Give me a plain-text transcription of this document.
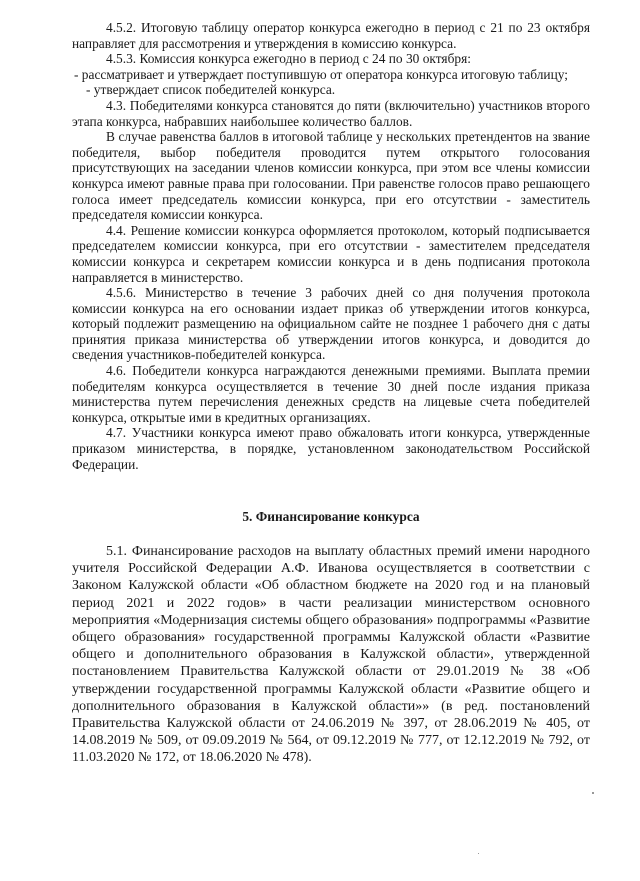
4.5.2. Итоговую таблицу оператор конкурса ежегодно в период с 21 по 23 октября направляет для рассмотрения и утверждения в комиссию конкурса.

4.5.3. Комиссия конкурса ежегодно в период с 24 по 30 октября:

- рассматривает и утверждает поступившую от оператора конкурса итоговую таблицу;

- утверждает список победителей конкурса.

4.3. Победителями конкурса становятся до пяти (включительно) участников второго этапа конкурса, набравших наибольшее количество баллов.

В случае равенства баллов в итоговой таблице у нескольких претендентов на звание победителя, выбор победителя проводится путем открытого голосования присутствующих на заседании членов комиссии конкурса, при этом все члены комиссии конкурса имеют равные права при голосовании. При равенстве голосов право решающего голоса имеет председатель комиссии конкурса, при его отсутствии - заместитель председателя комиссии конкурса.

4.4. Решение комиссии конкурса оформляется протоколом, который подписывается председателем комиссии конкурса, при его отсутствии - заместителем председателя комиссии конкурса и секретарем комиссии конкурса и в день подписания протокола направляется в министерство.

4.5.6. Министерство в течение 3 рабочих дней со дня получения протокола комиссии конкурса на его основании издает приказ об утверждении итогов конкурса, который подлежит размещению на официальном сайте не позднее 1 рабочего дня с даты принятия приказа министерства об утверждении итогов конкурса, и доводится до сведения участников-победителей конкурса.

4.6. Победители конкурса награждаются денежными премиями. Выплата премии победителям конкурса осуществляется в течение 30 дней после издания приказа министерства путем перечисления денежных средств на лицевые счета победителей конкурса, открытые ими в кредитных организациях.

4.7. Участники конкурса имеют право обжаловать итоги конкурса, утвержденные приказом министерства, в порядке, установленном законодательством Российской Федерации.

5. Финансирование конкурса

5.1. Финансирование расходов на выплату областных премий имени народного учителя Российской Федерации А.Ф. Иванова осуществляется в соответствии с Законом Калужской области «Об областном бюджете на 2020 год и на плановый период 2021 и 2022 годов» в части реализации министерством основного мероприятия «Модернизация системы общего образования» подпрограммы «Развитие общего образования» государственной программы Калужской области «Развитие общего и дополнительного образования в Калужской области», утвержденной постановлением Правительства Калужской области от 29.01.2019 № 38 «Об утверждении государственной программы Калужской области «Развитие общего и дополнительного образования в Калужской области»» (в ред. постановлений Правительства Калужской области от 24.06.2019 № 397, от 28.06.2019 № 405, от 14.08.2019 № 509, от 09.09.2019 № 564, от 09.12.2019 № 777, от 12.12.2019 № 792, от 11.03.2020 № 172, от 18.06.2020 № 478).
